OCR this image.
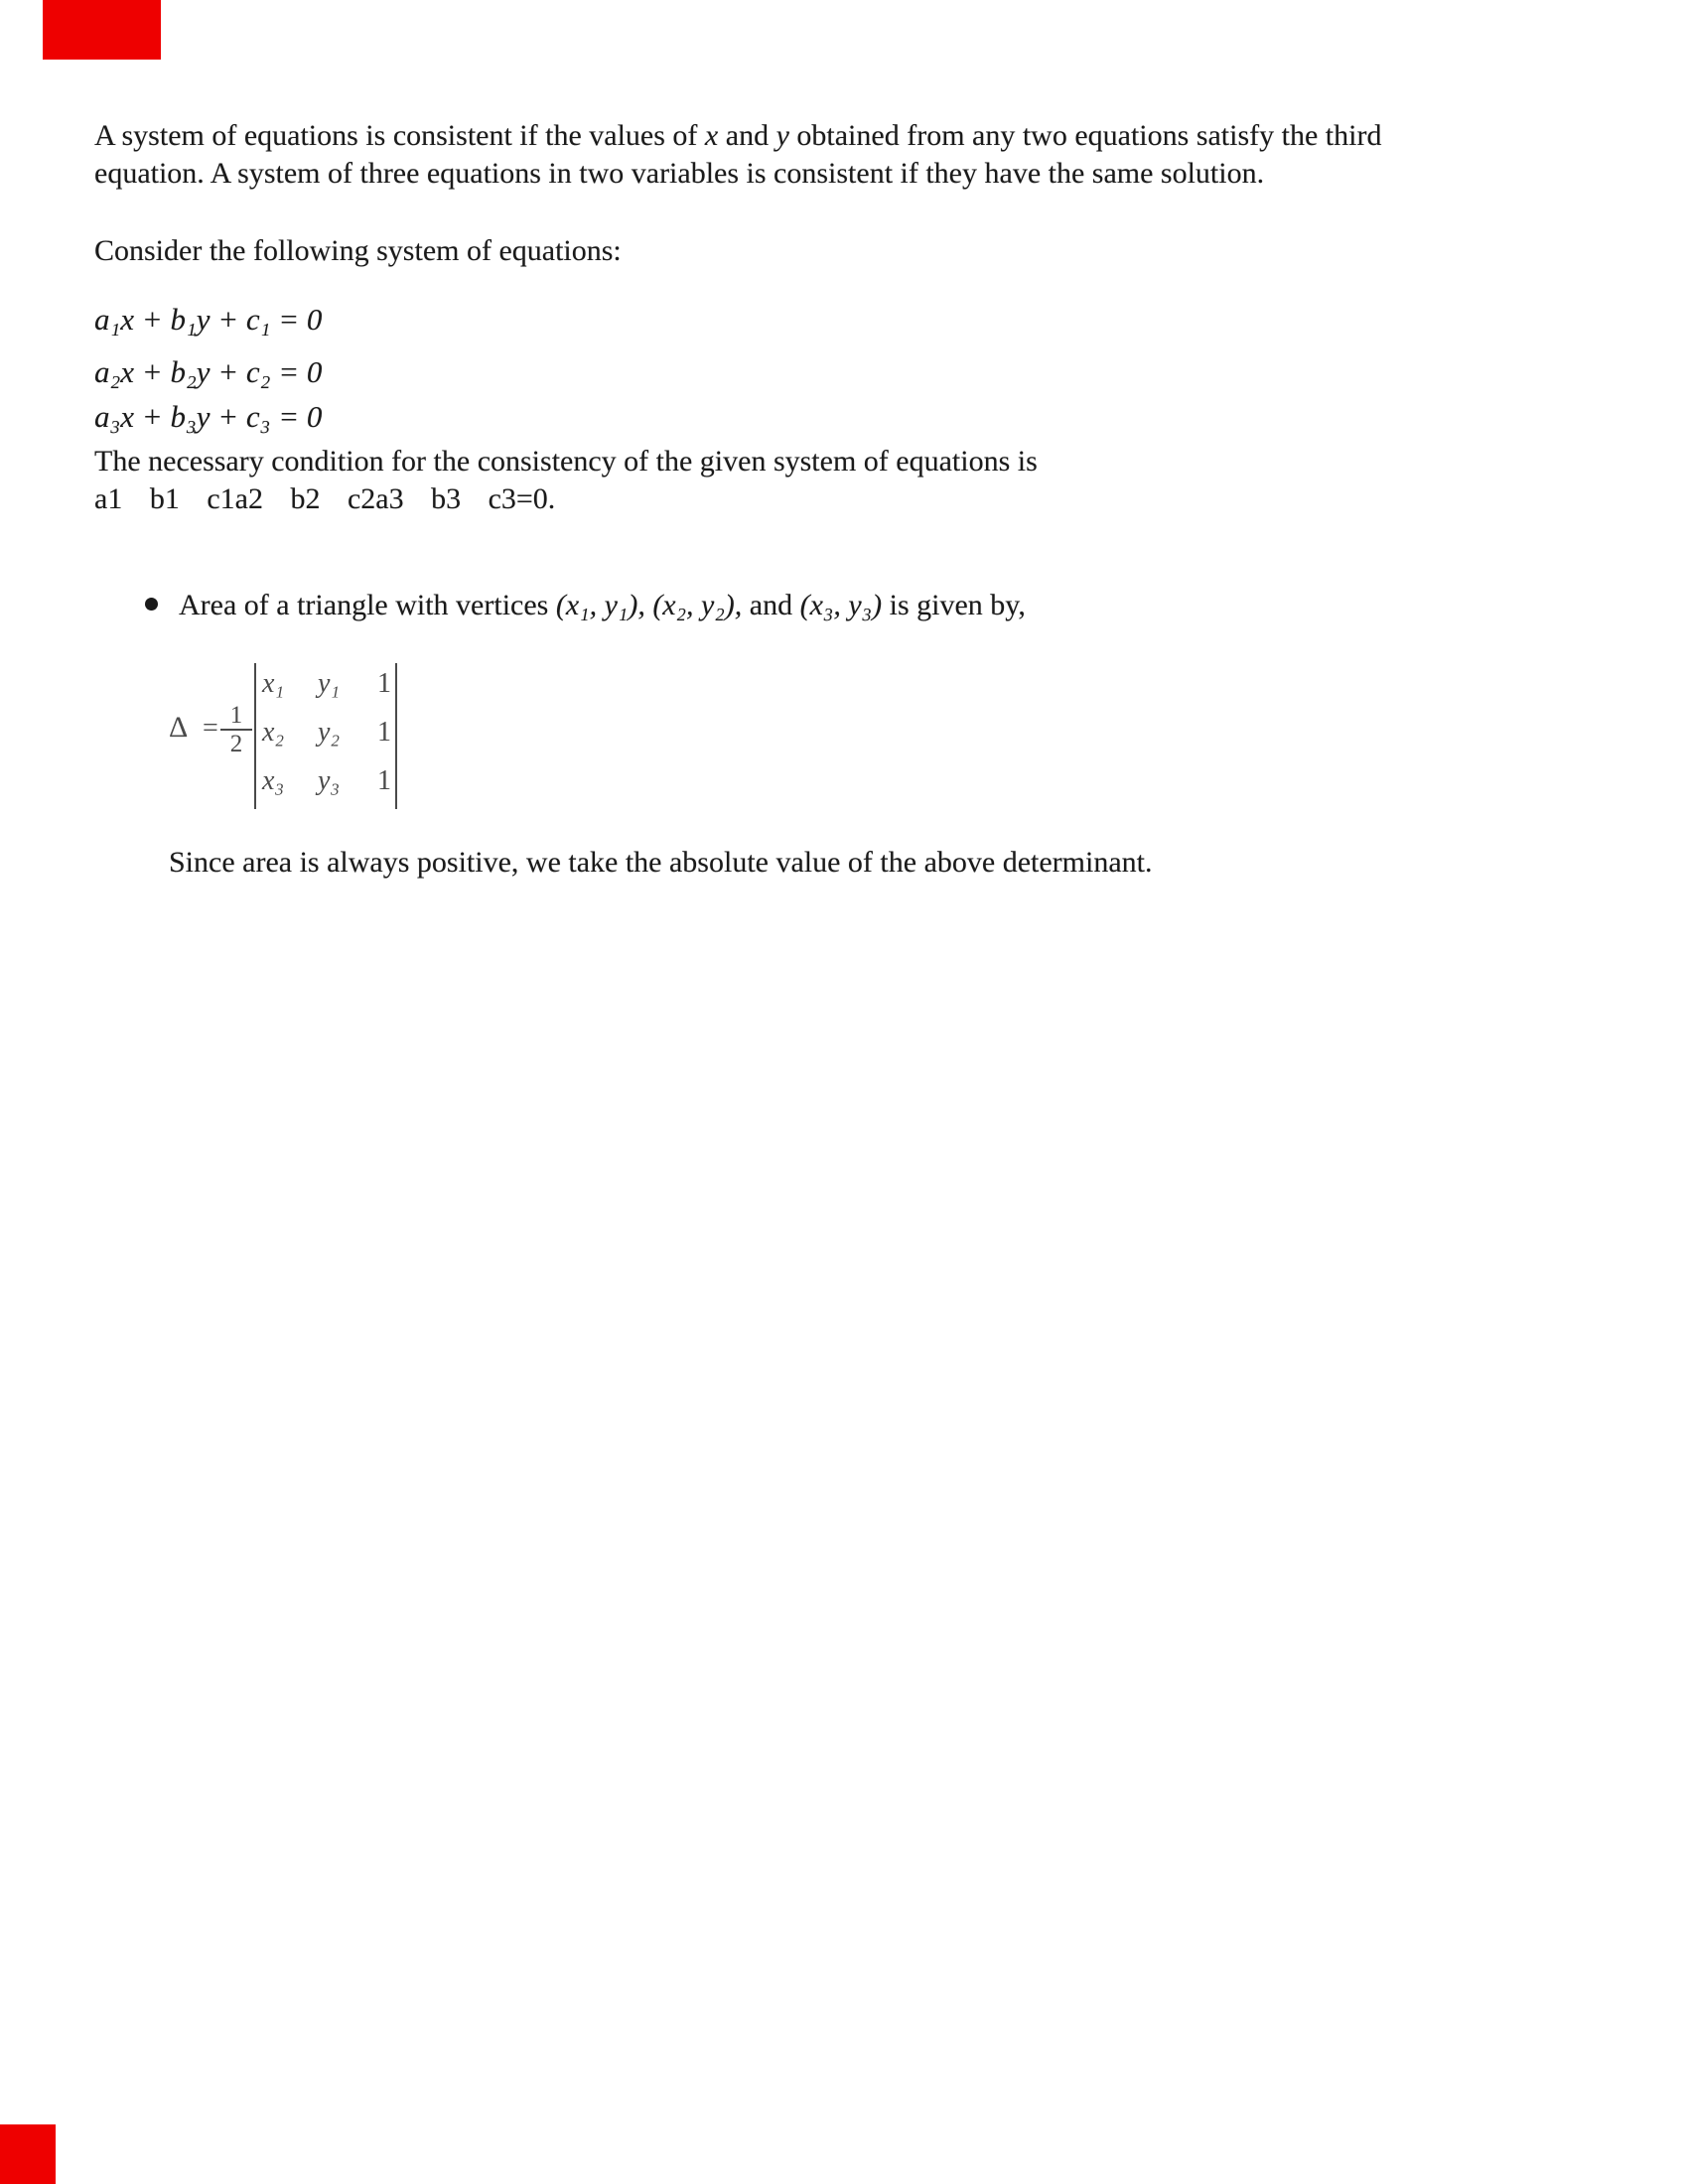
A system of equations is consistent if the values of x and y obtained from any two equations satisfy the third
equation. A system of three equations in two variables is consistent if they have the same solution.
Consider the following system of equations:
a₁x + b₁y + c₁ = 0
a₂x + b₂y + c₂ = 0
a₃x + b₃y + c₃ = 0
The necessary condition for the consistency of the given system of equations is
a1 b1 c1a2 b2 c2a3 b3 c3=0.
Area of a triangle with vertices (x₁, y₁), (x₂, y₂), and (x₃, y₃) is given by,
$\Delta = \frac{1}{2}$
x₁	y₁	1
x₂	y₂	1
x₃	y₃	1
Since area is always positive, we take the absolute value of the above determinant.
